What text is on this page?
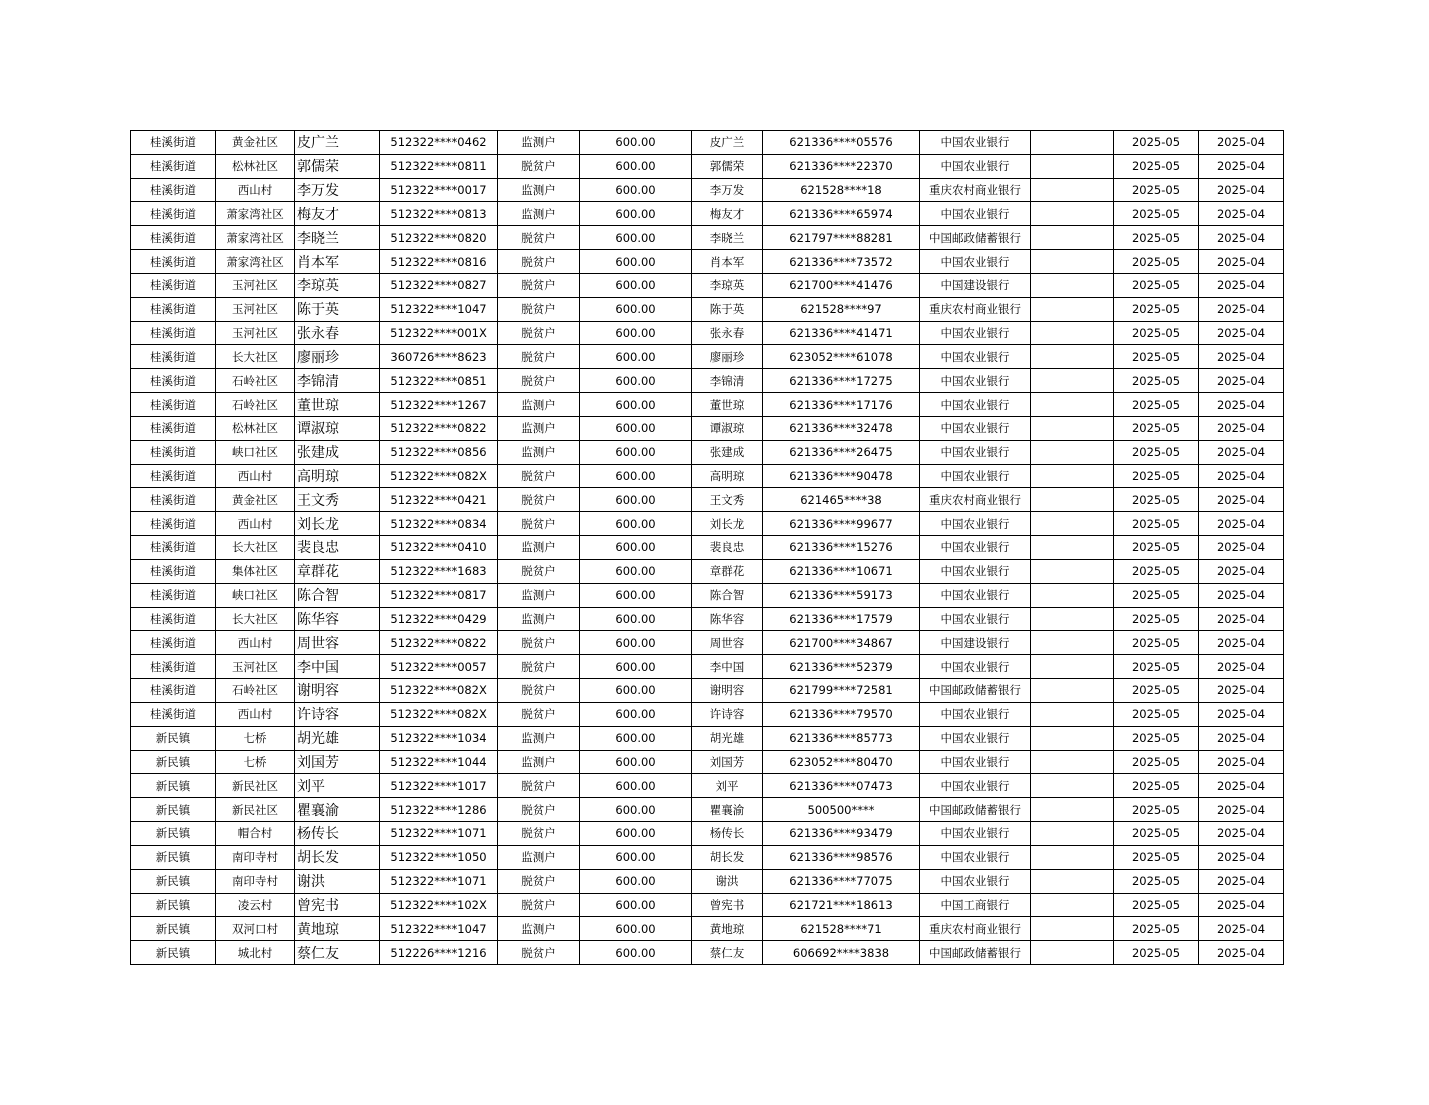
桂溪街道	黄金社区	皮广兰	512322****0462	监测户	600.00	皮广兰	621336****05576	中国农业银行		2025-05	2025-04
桂溪街道	松林社区	郭儒荣	512322****0811	脱贫户	600.00	郭儒荣	621336****22370	中国农业银行		2025-05	2025-04
桂溪街道	西山村	李万发	512322****0017	监测户	600.00	李万发	621528****18	重庆农村商业银行		2025-05	2025-04
桂溪街道	萧家湾社区	梅友才	512322****0813	监测户	600.00	梅友才	621336****65974	中国农业银行		2025-05	2025-04
桂溪街道	萧家湾社区	李晓兰	512322****0820	脱贫户	600.00	李晓兰	621797****88281	中国邮政储蓄银行		2025-05	2025-04
桂溪街道	萧家湾社区	肖本军	512322****0816	脱贫户	600.00	肖本军	621336****73572	中国农业银行		2025-05	2025-04
桂溪街道	玉河社区	李琼英	512322****0827	脱贫户	600.00	李琼英	621700****41476	中国建设银行		2025-05	2025-04
桂溪街道	玉河社区	陈于英	512322****1047	脱贫户	600.00	陈于英	621528****97	重庆农村商业银行		2025-05	2025-04
桂溪街道	玉河社区	张永春	512322****001X	脱贫户	600.00	张永春	621336****41471	中国农业银行		2025-05	2025-04
桂溪街道	长大社区	廖丽珍	360726****8623	脱贫户	600.00	廖丽珍	623052****61078	中国农业银行		2025-05	2025-04
桂溪街道	石岭社区	李锦清	512322****0851	脱贫户	600.00	李锦清	621336****17275	中国农业银行		2025-05	2025-04
桂溪街道	石岭社区	董世琼	512322****1267	监测户	600.00	董世琼	621336****17176	中国农业银行		2025-05	2025-04
桂溪街道	松林社区	谭淑琼	512322****0822	监测户	600.00	谭淑琼	621336****32478	中国农业银行		2025-05	2025-04
桂溪街道	峡口社区	张建成	512322****0856	监测户	600.00	张建成	621336****26475	中国农业银行		2025-05	2025-04
桂溪街道	西山村	高明琼	512322****082X	脱贫户	600.00	高明琼	621336****90478	中国农业银行		2025-05	2025-04
桂溪街道	黄金社区	王文秀	512322****0421	脱贫户	600.00	王文秀	621465****38	重庆农村商业银行		2025-05	2025-04
桂溪街道	西山村	刘长龙	512322****0834	脱贫户	600.00	刘长龙	621336****99677	中国农业银行		2025-05	2025-04
桂溪街道	长大社区	裴良忠	512322****0410	监测户	600.00	裴良忠	621336****15276	中国农业银行		2025-05	2025-04
桂溪街道	集体社区	章群花	512322****1683	脱贫户	600.00	章群花	621336****10671	中国农业银行		2025-05	2025-04
桂溪街道	峡口社区	陈合智	512322****0817	监测户	600.00	陈合智	621336****59173	中国农业银行		2025-05	2025-04
桂溪街道	长大社区	陈华容	512322****0429	监测户	600.00	陈华容	621336****17579	中国农业银行		2025-05	2025-04
桂溪街道	西山村	周世容	512322****0822	脱贫户	600.00	周世容	621700****34867	中国建设银行		2025-05	2025-04
桂溪街道	玉河社区	李中国	512322****0057	脱贫户	600.00	李中国	621336****52379	中国农业银行		2025-05	2025-04
桂溪街道	石岭社区	谢明容	512322****082X	脱贫户	600.00	谢明容	621799****72581	中国邮政储蓄银行		2025-05	2025-04
桂溪街道	西山村	许诗容	512322****082X	脱贫户	600.00	许诗容	621336****79570	中国农业银行		2025-05	2025-04
新民镇	七桥	胡光雄	512322****1034	监测户	600.00	胡光雄	621336****85773	中国农业银行		2025-05	2025-04
新民镇	七桥	刘国芳	512322****1044	监测户	600.00	刘国芳	623052****80470	中国农业银行		2025-05	2025-04
新民镇	新民社区	刘平	512322****1017	脱贫户	600.00	刘平	621336****07473	中国农业银行		2025-05	2025-04
新民镇	新民社区	瞿襄渝	512322****1286	脱贫户	600.00	瞿襄渝	500500****	中国邮政储蓄银行		2025-05	2025-04
新民镇	帽合村	杨传长	512322****1071	脱贫户	600.00	杨传长	621336****93479	中国农业银行		2025-05	2025-04
新民镇	南印寺村	胡长发	512322****1050	监测户	600.00	胡长发	621336****98576	中国农业银行		2025-05	2025-04
新民镇	南印寺村	谢洪	512322****1071	脱贫户	600.00	谢洪	621336****77075	中国农业银行		2025-05	2025-04
新民镇	凌云村	曾宪书	512322****102X	脱贫户	600.00	曾宪书	621721****18613	中国工商银行		2025-05	2025-04
新民镇	双河口村	黄地琼	512322****1047	监测户	600.00	黄地琼	621528****71	重庆农村商业银行		2025-05	2025-04
新民镇	城北村	蔡仁友	512226****1216	脱贫户	600.00	蔡仁友	606692****3838	中国邮政储蓄银行		2025-05	2025-04
